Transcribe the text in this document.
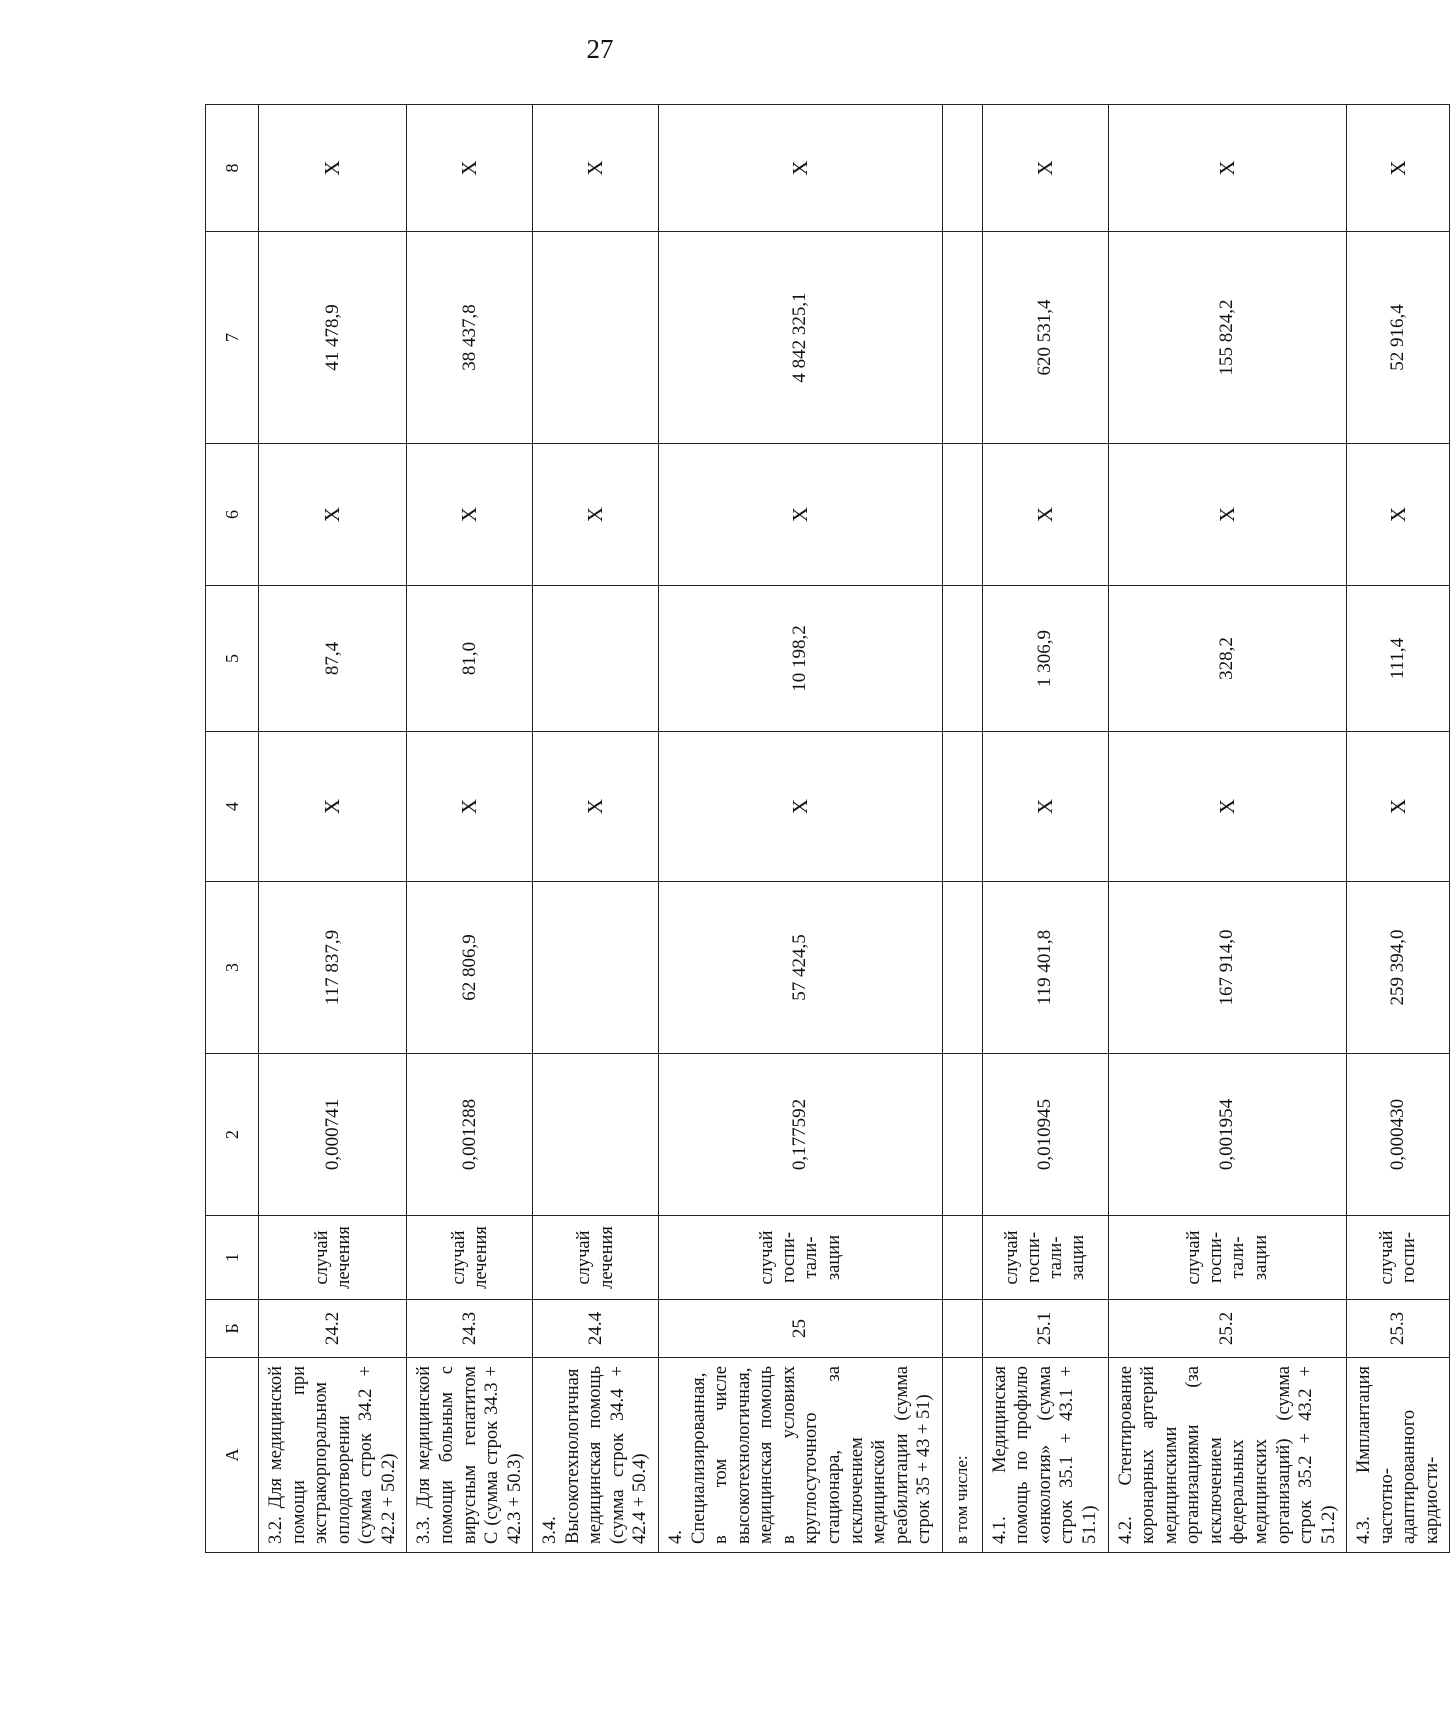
27
А	Б	1	2	3	4	5	6	7	8
3.2. Для медицинской помощи при экстракорпоральном оплодотворении (сумма строк 34.2 + 42.2 + 50.2)	24.2	случай лечения	0,000741	117 837,9	Х	87,4	Х	41 478,9	Х
3.3. Для медицинской помощи больным с вирусным гепатитом С (сумма строк 34.3 + 42.3 + 50.3)	24.3	случай лечения	0,001288	62 806,9	Х	81,0	Х	38 437,8	Х
3.4. Высокотехнологичная медицинская помощь (сумма строк 34.4 + 42.4 + 50.4)	24.4	случай лечения			Х		Х		Х
4. Специализированная, в том числе высокотехнологичная, медицинская помощь в условиях круглосуточного стационара, за исключением медицинской реабилитации (сумма строк 35 + 43 + 51)	25	случай госпи-тали-зации	0,177592	57 424,5	Х	10 198,2	Х	4 842 325,1	Х
в том числе:									
4.1. Медицинская помощь по профилю «онкология» (сумма строк 35.1 + 43.1 + 51.1)	25.1	случай госпи-тали-зации	0,010945	119 401,8	Х	1 306,9	Х	620 531,4	Х
4.2. Стентирование коронарных артерий медицинскими организациями (за исключением федеральных медицинских организаций) (сумма строк 35.2 + 43.2 + 51.2)	25.2	случай госпи-тали-зации	0,001954	167 914,0	Х	328,2	Х	155 824,2	Х
4.3. Имплантация частотно-адаптированного кардиости-	25.3	случай госпи-	0,000430	259 394,0	Х	111,4	Х	52 916,4	Х
